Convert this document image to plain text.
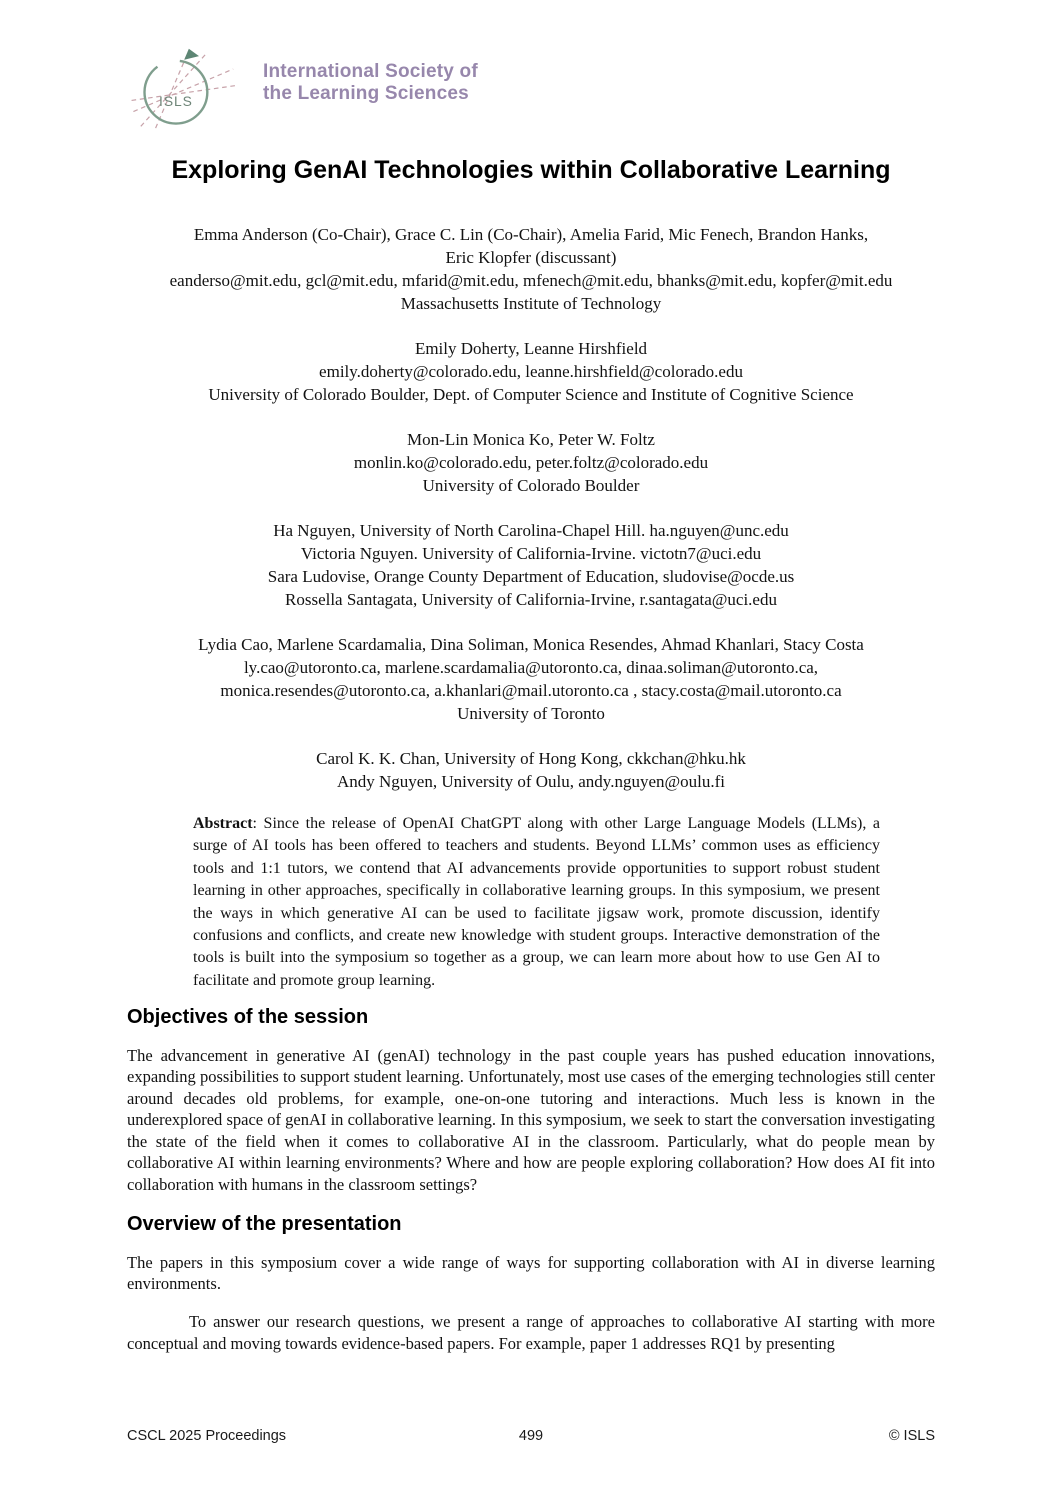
ISLS
International Society of
the Learning Sciences
Exploring GenAI Technologies within Collaborative Learning
Emma Anderson (Co-Chair), Grace C. Lin (Co-Chair), Amelia Farid, Mic Fenech, Brandon Hanks,
Eric Klopfer (discussant)
eanderso@mit.edu, gcl@mit.edu, mfarid@mit.edu, mfenech@mit.edu, bhanks@mit.edu, kopfer@mit.edu
Massachusetts Institute of Technology
Emily Doherty, Leanne Hirshfield
emily.doherty@colorado.edu, leanne.hirshfield@colorado.edu
University of Colorado Boulder, Dept. of Computer Science and Institute of Cognitive Science
Mon-Lin Monica Ko, Peter W. Foltz
monlin.ko@colorado.edu, peter.foltz@colorado.edu
University of Colorado Boulder
Ha Nguyen, University of North Carolina-Chapel Hill. ha.nguyen@unc.edu
Victoria Nguyen. University of California-Irvine. victotn7@uci.edu
Sara Ludovise, Orange County Department of Education, sludovise@ocde.us
Rossella Santagata, University of California-Irvine, r.santagata@uci.edu
Lydia Cao, Marlene Scardamalia, Dina Soliman, Monica Resendes, Ahmad Khanlari, Stacy Costa
ly.cao@utoronto.ca, marlene.scardamalia@utoronto.ca, dinaa.soliman@utoronto.ca,
monica.resendes@utoronto.ca, a.khanlari@mail.utoronto.ca , stacy.costa@mail.utoronto.ca
University of Toronto
Carol K. K. Chan, University of Hong Kong, ckkchan@hku.hk
Andy Nguyen, University of Oulu, andy.nguyen@oulu.fi

Abstract: Since the release of OpenAI ChatGPT along with other Large Language Models (LLMs), a surge of AI tools has been offered to teachers and students. Beyond LLMs’ common uses as efficiency tools and 1:1 tutors, we contend that AI advancements provide opportunities to support robust student learning in other approaches, specifically in collaborative learning groups. In this symposium, we present the ways in which generative AI can be used to facilitate jigsaw work, promote discussion, identify confusions and conflicts, and create new knowledge with student groups. Interactive demonstration of the tools is built into the symposium so together as a group, we can learn more about how to use Gen AI to facilitate and promote group learning.

Objectives of the session

The advancement in generative AI (genAI) technology in the past couple years has pushed education innovations, expanding possibilities to support student learning. Unfortunately, most use cases of the emerging technologies still center around decades old problems, for example, one-on-one tutoring and interactions. Much less is known in the underexplored space of genAI in collaborative learning. In this symposium, we seek to start the conversation investigating the state of the field when it comes to collaborative AI in the classroom. Particularly, what do people mean by collaborative AI within learning environments? Where and how are people exploring collaboration? How does AI fit into collaboration with humans in the classroom settings?

Overview of the presentation

The papers in this symposium cover a wide range of ways for supporting collaboration with AI in diverse learning environments.

To answer our research questions, we present a range of approaches to collaborative AI starting with more conceptual and moving towards evidence-based papers. For example, paper 1 addresses RQ1 by presenting

CSCL 2025 Proceedings	499	© ISLS
